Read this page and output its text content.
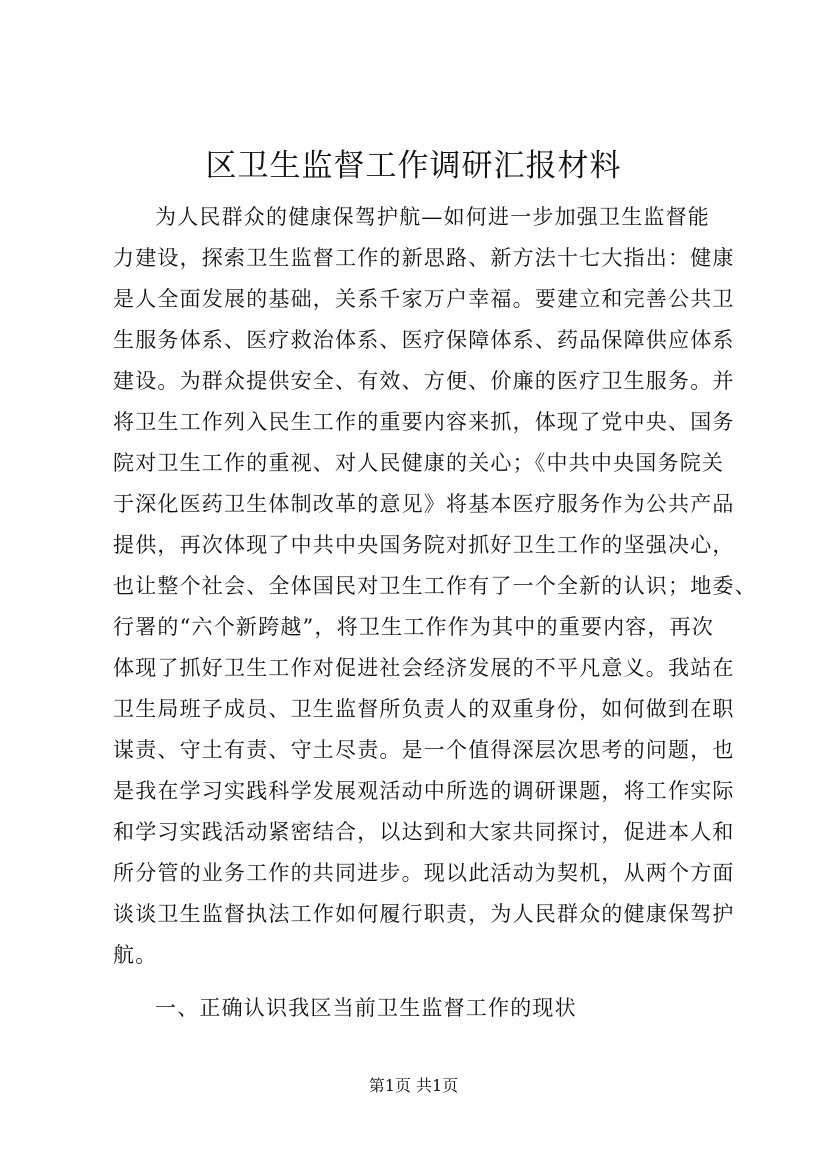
区卫生监督工作调研汇报材料
为人民群众的健康保驾护航—如何进一步加强卫生监督能
力建设，探索卫生监督工作的新思路、新方法十七大指出：健康
是人全面发展的基础，关系千家万户幸福。要建立和完善公共卫
生服务体系、医疗救治体系、医疗保障体系、药品保障供应体系
建设。为群众提供安全、有效、方便、价廉的医疗卫生服务。并
将卫生工作列入民生工作的重要内容来抓，体现了党中央、国务
院对卫生工作的重视、对人民健康的关心；《中共中央国务院关
于深化医药卫生体制改革的意见》将基本医疗服务作为公共产品
提供，再次体现了中共中央国务院对抓好卫生工作的坚强决心，
也让整个社会、全体国民对卫生工作有了一个全新的认识；地委、
行署的“六个新跨越”，将卫生工作作为其中的重要内容，再次
体现了抓好卫生工作对促进社会经济发展的不平凡意义。我站在
卫生局班子成员、卫生监督所负责人的双重身份，如何做到在职
谋责、守土有责、守土尽责。是一个值得深层次思考的问题，也
是我在学习实践科学发展观活动中所选的调研课题，将工作实际
和学习实践活动紧密结合，以达到和大家共同探讨，促进本人和
所分管的业务工作的共同进步。现以此活动为契机，从两个方面
谈谈卫生监督执法工作如何履行职责，为人民群众的健康保驾护
航。

一、正确认识我区当前卫生监督工作的现状

第1页 共1页
